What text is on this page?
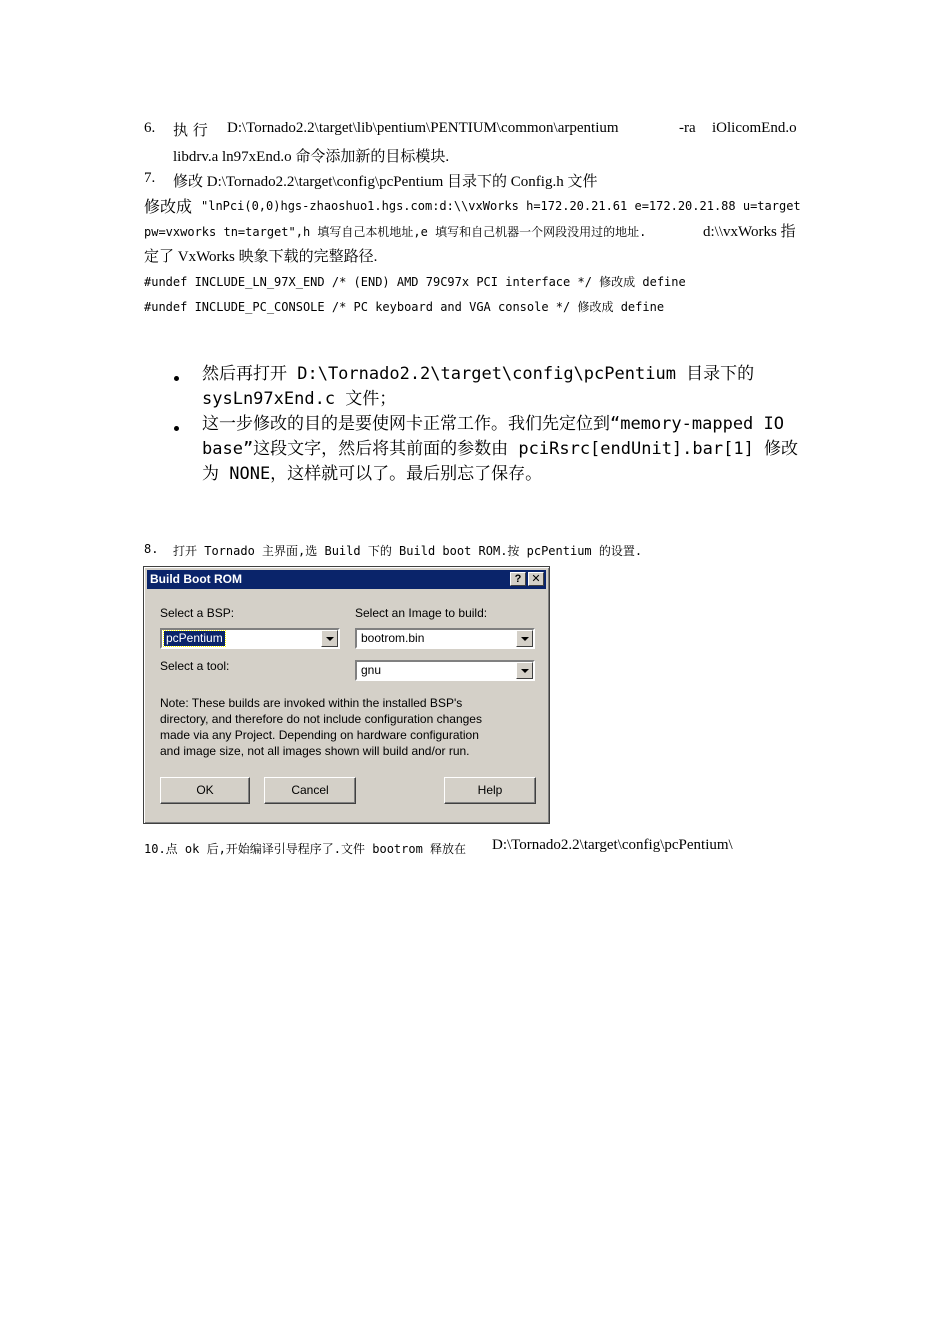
6. 执 行 D:\Tornado2.2\target\lib\pentium\PENTIUM\common\arpentium	-ra iOlicomEnd.o
libdrv.a ln97xEnd.o 命令添加新的目标模块.
7. 修改 D:\Tornado2.2\target\config\pcPentium 目录下的 Config.h 文件
修改成 "lnPci(0,0)hgs-zhaoshuo1.hgs.com:d:\\vxWorks h=172.20.21.61 e=172.20.21.88 u=target
pw=vxworks tn=target",h 填写自己本机地址,e 填写和自己机器一个网段没用过的地址.	d:\\vxWorks 指
定了 VxWorks 映象下载的完整路径.
#undef INCLUDE_LN_97X_END /* (END) AMD 79C97x PCI interface */ 修改成 define
#undef INCLUDE_PC_CONSOLE /* PC keyboard and VGA console */ 修改成 define
然后再打开 D:\Tornado2.2\target\config\pcPentium 目录下的 sysLn97xEnd.c 文件；
这一步修改的目的是要使网卡正常工作。我们先定位到“memory-mapped IO base”这段文字，然后将其前面的参数由 pciRsrc[endUnit].bar[1] 修改为 NONE，这样就可以了。最后别忘了保存。
8. 打开 Tornado 主界面,选 Build 下的 Build boot ROM.按 pcPentium 的设置.
Build Boot ROM	? ✕
Select a BSP:
pcPentium
Select an Image to build:
bootrom.bin
Select a tool:	gnu
Note: These builds are invoked within the installed BSP's
directory, and therefore do not include configuration changes
made via any Project. Depending on hardware configuration
and image size, not all images shown will build and/or run.
OK	Cancel	Help
10.点 ok 后,开始编译引导程序了.文件 bootrom 释放在 D:\Tornado2.2\target\config\pcPentium\
